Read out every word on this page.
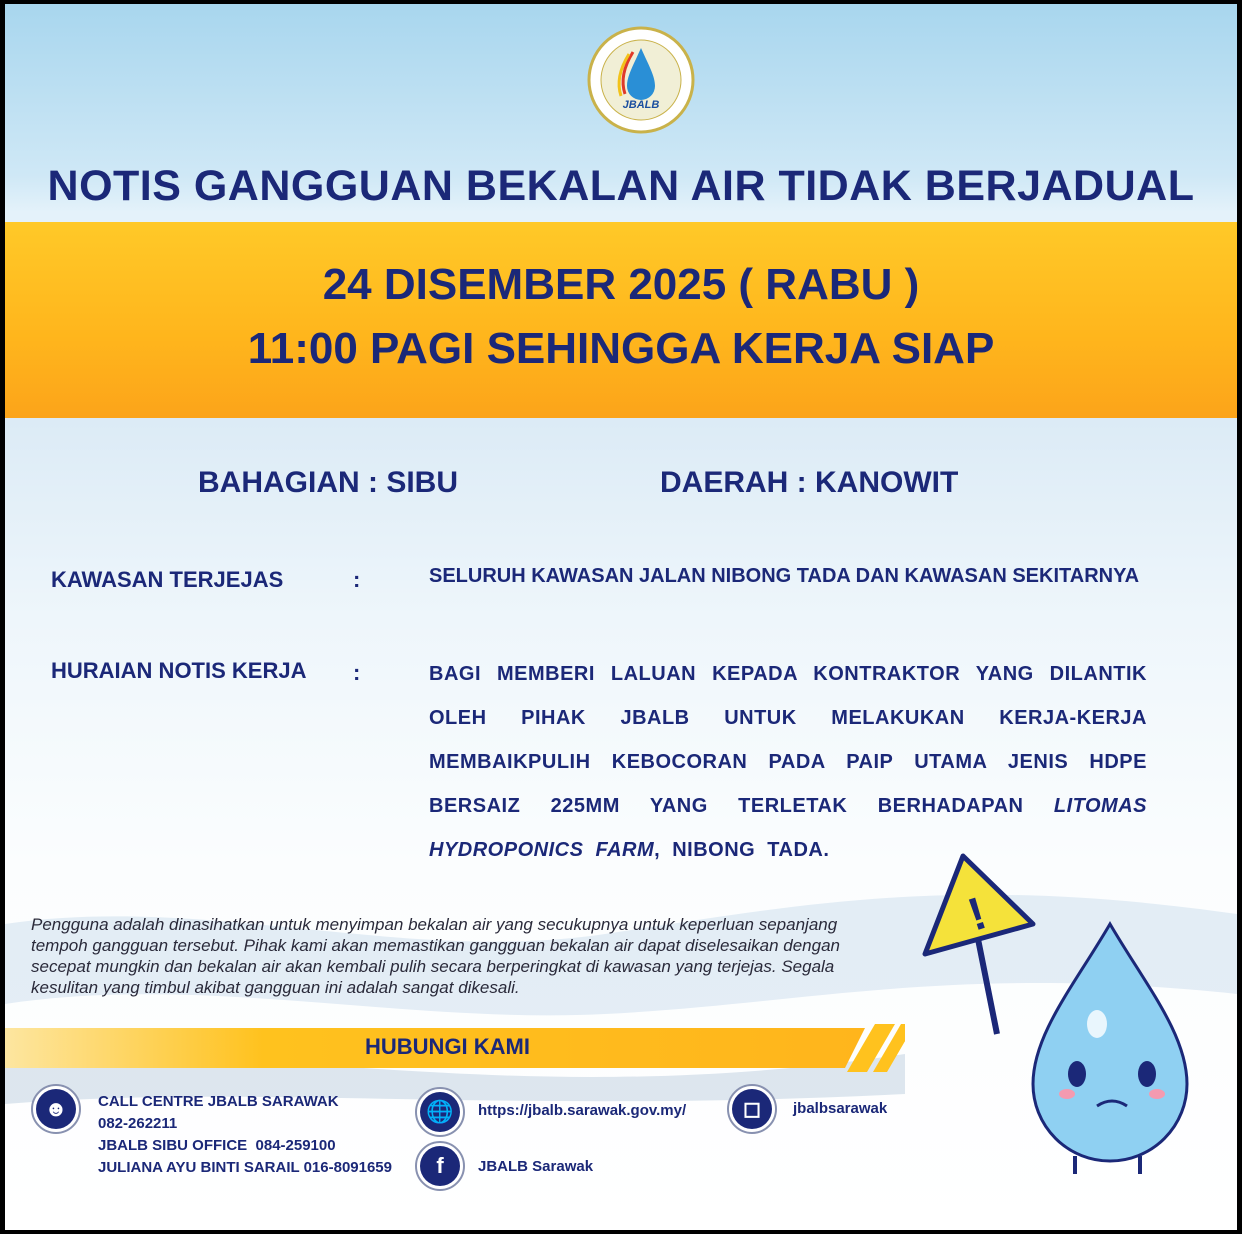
JBALB
NOTIS GANGGUAN BEKALAN AIR TIDAK BERJADUAL
24 DISEMBER 2025 ( RABU )
11:00 PAGI SEHINGGA KERJA SIAP
BAHAGIAN : SIBU	DAERAH : KANOWIT
KAWASAN TERJEJAS	:	SELURUH KAWASAN JALAN NIBONG TADA DAN KAWASAN SEKITARNYA
HURAIAN NOTIS KERJA :	BAGI MEMBERI LALUAN KEPADA KONTRAKTOR YANG DILANTIK OLEH PIHAK JBALB UNTUK MELAKUKAN KERJA-KERJA MEMBAIKPULIH KEBOCORAN PADA PAIP UTAMA JENIS HDPE BERSAIZ 225MM YANG TERLETAK BERHADAPAN LITOMAS HYDROPONICS FARM, NIBONG TADA.
Pengguna adalah dinasihatkan untuk menyimpan bekalan air yang secukupnya untuk keperluan sepanjang tempoh gangguan tersebut. Pihak kami akan memastikan gangguan bekalan air dapat diselesaikan dengan secepat mungkin dan bekalan air akan kembali pulih secara berperingkat di kawasan yang terjejas. Segala kesulitan yang timbul akibat gangguan ini adalah sangat dikesali.
HUBUNGI KAMI
☻	CALL CENTRE JBALB SARAWAK
082-262211
JBALB SIBU OFFICE  084-259100
JULIANA AYU BINTI SARAIL 016-8091659
🌐	https://jbalb.sarawak.gov.my/
f	JBALB Sarawak
◻	jbalbsarawak
!
